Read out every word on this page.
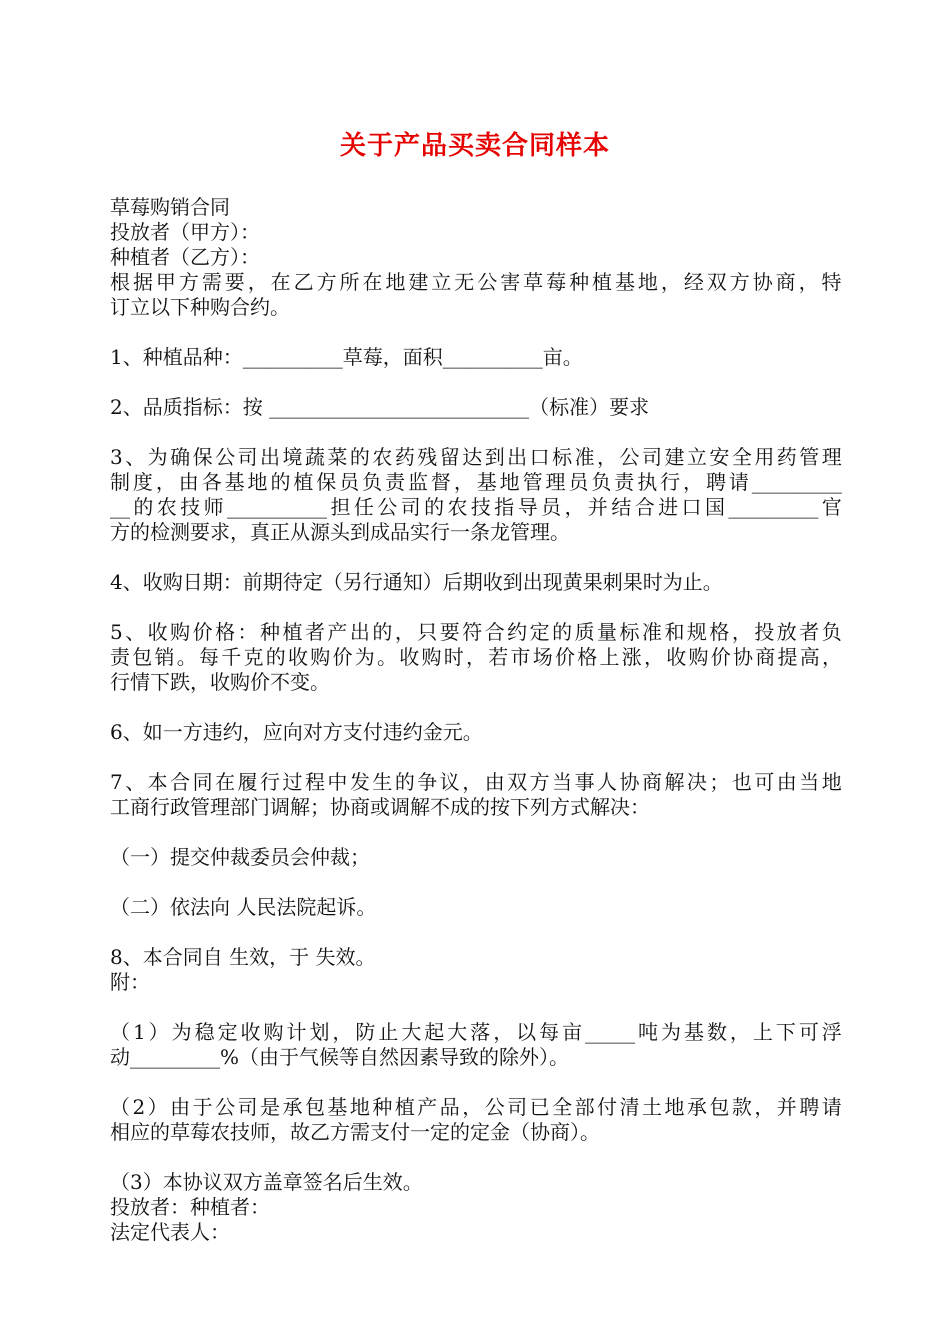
关于产品买卖合同样本
草莓购销合同
投放者（甲方）：
种植者（乙方）：
根 据 甲 方 需 要 ， 在 乙 方 所 在 地 建 立 无 公 害 草 莓 种 植 基 地 ， 经 双 方 协 商 ， 特
订立以下种购合约。
1、种植品种：__________草莓，面积__________亩。
2、品质指标：按 __________________________（标准）要求
3 、 为 确 保 公 司 出 境 蔬 菜 的 农 药 残 留 达 到 出 口 标 准 ， 公 司 建 立 安 全 用 药 管 理
制 度 ， 由 各 基 地 的 植 保 员 负 责 监 督 ， 基 地 管 理 员 负 责 执 行 ， 聘 请 _________
__ 的 农 技 师 __________ 担 任 公 司 的 农 技 指 导 员 ， 并 结 合 进 口 国 _________ 官
方的检测要求，真正从源头到成品实行一条龙管理。
4、收购日期：前期待定（另行通知）后期收到出现黄果刺果时为止。
5 、 收 购 价 格 ： 种 植 者 产 出 的 ， 只 要 符 合 约 定 的 质 量 标 准 和 规 格 ， 投 放 者 负
责 包 销 。 每 千 克 的 收 购 价 为 。 收 购 时 ， 若 市 场 价 格 上 涨 ， 收 购 价 协 商 提 高 ，
行情下跌，收购价不变。
6、如一方违约，应向对方支付违约金元。
7 、 本 合 同 在 履 行 过 程 中 发 生 的 争 议 ， 由 双 方 当 事 人 协 商 解 决 ； 也 可 由 当 地
工商行政管理部门调解；协商或调解不成的按下列方式解决：
（一）提交仲裁委员会仲裁；
（二）依法向 人民法院起诉。
8、本合同自 生效，于 失效。
附：
（ 1 ） 为 稳 定 收 购 计 划 ， 防 止 大 起 大 落 ， 以 每 亩 _____ 吨 为 基 数 ， 上 下 可 浮
动_________%（由于气候等自然因素导致的除外）。
（ 2 ） 由 于 公 司 是 承 包 基 地 种 植 产 品 ， 公 司 已 全 部 付 清 土 地 承 包 款 ， 并 聘 请
相应的草莓农技师，故乙方需支付一定的定金（协商）。
（3）本协议双方盖章签名后生效。
投放者：种植者：
法定代表人：
